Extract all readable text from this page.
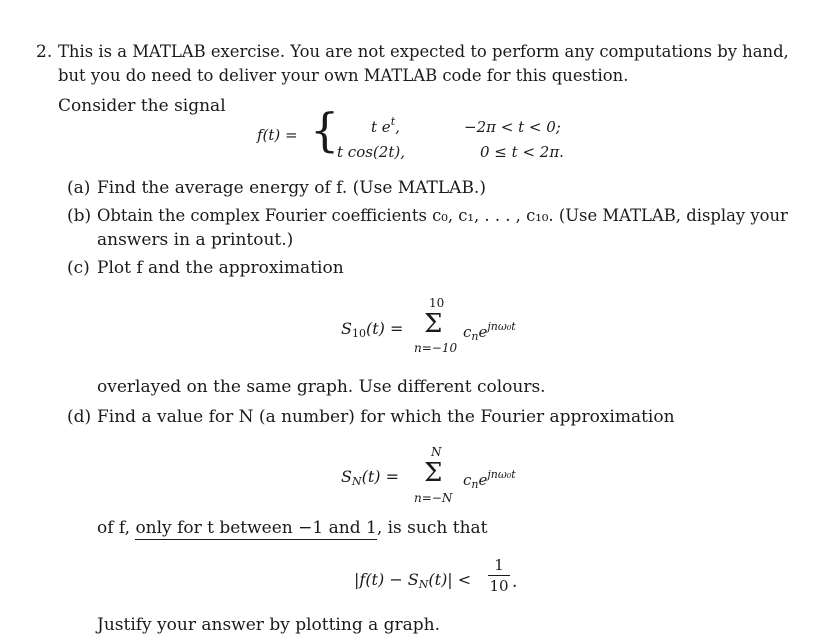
2. This is a MATLAB exercise. You are not expected to perform any computations by hand,
but you do need to deliver your own MATLAB code for this question.
Consider the signal
f(t) = { t $e^t$,	−2π < t < 0;
t cos(2t),	0 ≤ t < 2π.
(a) Find the average energy of f. (Use MATLAB.)
(b) Obtain the complex Fourier coefficients c₀, c₁, . . . , c₁₀. (Use MATLAB, display your
answers in a printout.)
(c) Plot f and the approximation
$S_{10}(t)$ =
10
Σ
n=−10
$c_ne^{jn\omega_0t}$
overlayed on the same graph. Use different colours.
(d) Find a value for N (a number) for which the Fourier approximation
$S_N(t)$ =
N
Σ
n=−N
$c_ne^{jn\omega_0t}$
of f, only for t between −1 and 1, is such that
$|f(t) - S_N(t)|$ <
1
10 .
Justify your answer by plotting a graph.
